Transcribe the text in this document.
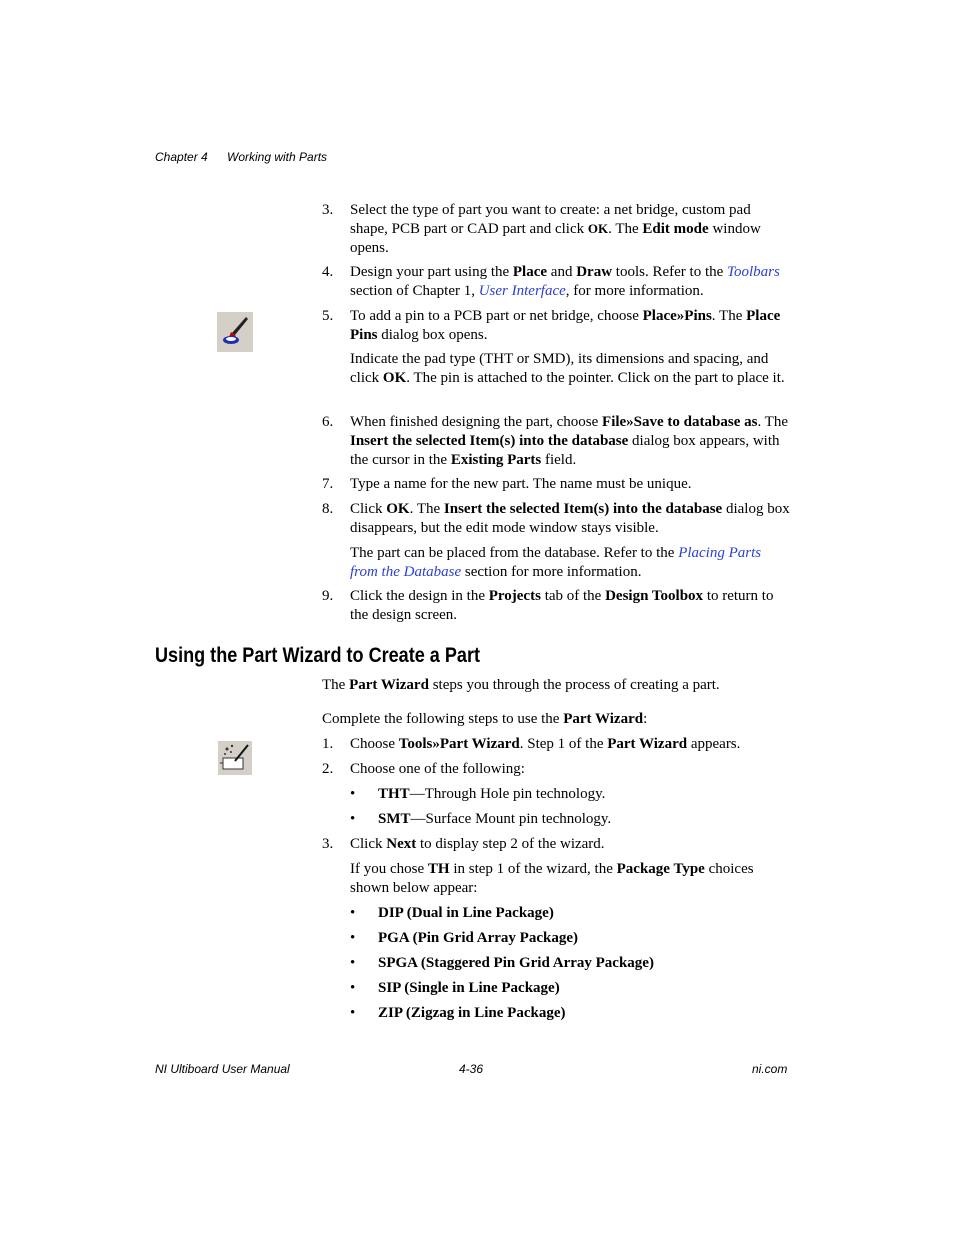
Chapter 4 Working with Parts
3.	Select the type of part you want to create: a net bridge, custom pad shape, PCB part or CAD part and click OK. The Edit mode window opens.
4.	Design your part using the Place and Draw tools. Refer to the Toolbars section of Chapter 1, User Interface, for more information.
5.	To add a pin to a PCB part or net bridge, choose Place»Pins. The Place Pins dialog box opens.
Indicate the pad type (THT or SMD), its dimensions and spacing, and click OK. The pin is attached to the pointer. Click on the part to place it.
6.	When finished designing the part, choose File»Save to database as. The Insert the selected Item(s) into the database dialog box appears, with the cursor in the Existing Parts field.
7.	Type a name for the new part. The name must be unique.
8.	Click OK. The Insert the selected Item(s) into the database dialog box disappears, but the edit mode window stays visible.
The part can be placed from the database. Refer to the Placing Parts from the Database section for more information.
9.	Click the design in the Projects tab of the Design Toolbox to return to the design screen.
Using the Part Wizard to Create a Part
The Part Wizard steps you through the process of creating a part.
Complete the following steps to use the Part Wizard:
1.	Choose Tools»Part Wizard. Step 1 of the Part Wizard appears.
2.	Choose one of the following:
• THT—Through Hole pin technology.
• SMT—Surface Mount pin technology.
3.	Click Next to display step 2 of the wizard.
If you chose TH in step 1 of the wizard, the Package Type choices shown below appear:
• DIP (Dual in Line Package)
• PGA (Pin Grid Array Package)
• SPGA (Staggered Pin Grid Array Package)
• SIP (Single in Line Package)
• ZIP (Zigzag in Line Package)
NI Ultiboard User Manual	4-36	ni.com
